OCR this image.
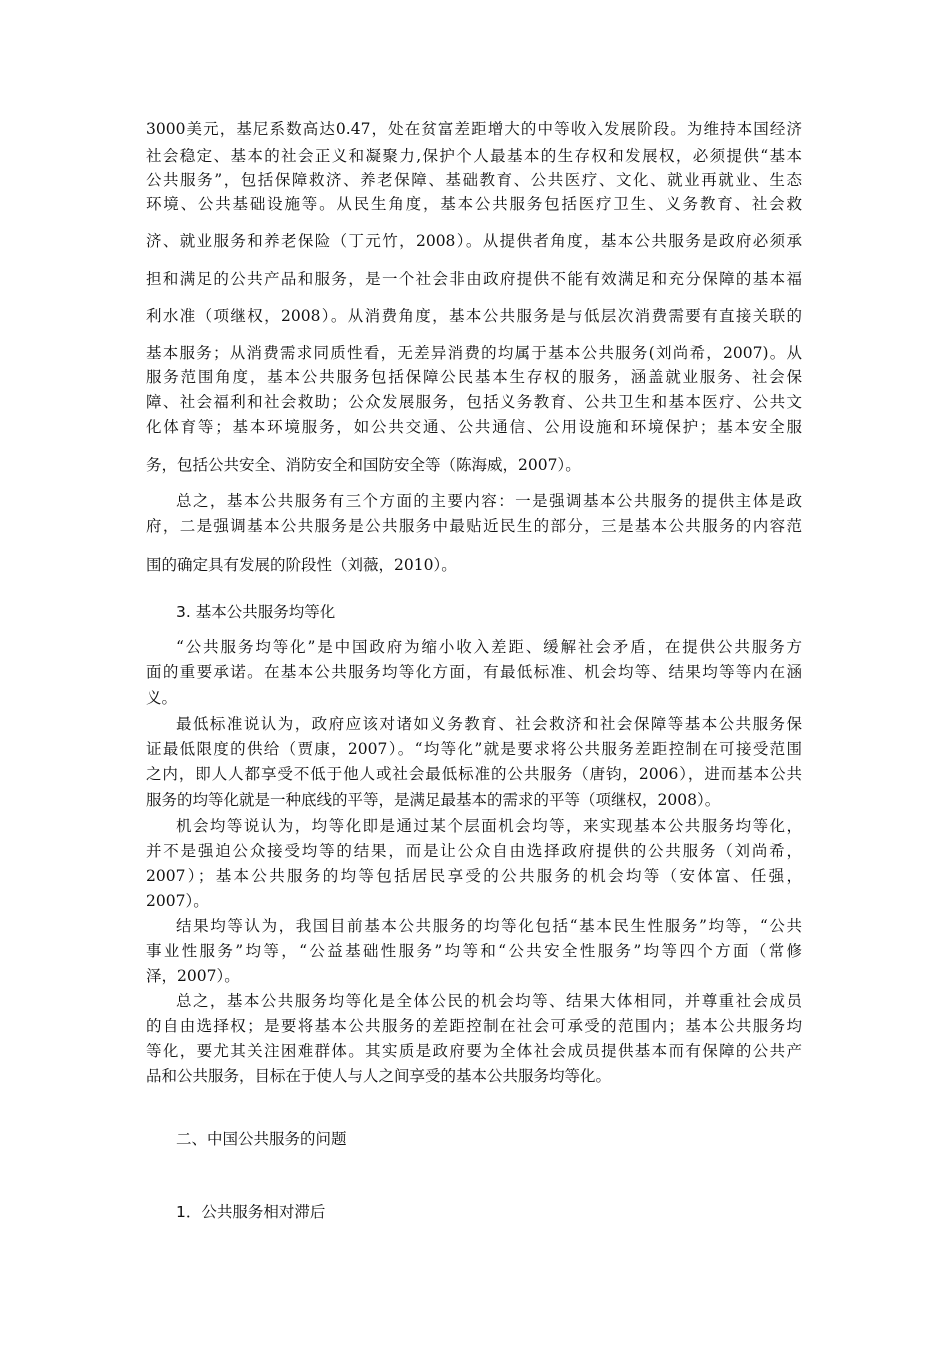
3000美元，基尼系数高达0.47，处在贫富差距增大的中等收入发展阶段。为维持本国经济
社会稳定、基本的社会正义和凝聚力,保护个人最基本的生存权和发展权，必须提供“基本
公共服务”，包括保障救济、养老保障、基础教育、公共医疗、文化、就业再就业、生态
环境、公共基础设施等。从民生角度，基本公共服务包括医疗卫生、义务教育、社会救
济、就业服务和养老保险（丁元竹，2008）。从提供者角度，基本公共服务是政府必须承
担和满足的公共产品和服务，是一个社会非由政府提供不能有效满足和充分保障的基本福
利水准（项继权，2008）。从消费角度，基本公共服务是与低层次消费需要有直接关联的
基本服务；从消费需求同质性看，无差异消费的均属于基本公共服务(刘尚希，2007)。从
服务范围角度，基本公共服务包括保障公民基本生存权的服务，涵盖就业服务、社会保
障、社会福利和社会救助；公众发展服务，包括义务教育、公共卫生和基本医疗、公共文
化体育等；基本环境服务，如公共交通、公共通信、公用设施和环境保护；基本安全服
务，包括公共安全、消防安全和国防安全等（陈海威，2007）。
总之，基本公共服务有三个方面的主要内容：一是强调基本公共服务的提供主体是政
府，二是强调基本公共服务是公共服务中最贴近民生的部分，三是基本公共服务的内容范
围的确定具有发展的阶段性（刘薇，2010）。
3. 基本公共服务均等化
“公共服务均等化”是中国政府为缩小收入差距、缓解社会矛盾，在提供公共服务方
面的重要承诺。在基本公共服务均等化方面，有最低标准、机会均等、结果均等等内在涵
义。
最低标准说认为，政府应该对诸如义务教育、社会救济和社会保障等基本公共服务保
证最低限度的供给（贾康，2007）。“均等化”就是要求将公共服务差距控制在可接受范围
之内，即人人都享受不低于他人或社会最低标准的公共服务（唐钧，2006），进而基本公共
服务的均等化就是一种底线的平等，是满足最基本的需求的平等（项继权，2008）。
机会均等说认为，均等化即是通过某个层面机会均等，来实现基本公共服务均等化，
并不是强迫公众接受均等的结果，而是让公众自由选择政府提供的公共服务（刘尚希，
2007）；基本公共服务的均等包括居民享受的公共服务的机会均等（安体富、任强，
2007）。
结果均等认为，我国目前基本公共服务的均等化包括“基本民生性服务”均等，“公共
事业性服务”均等，“公益基础性服务”均等和“公共安全性服务”均等四个方面（常修
泽，2007）。
总之，基本公共服务均等化是全体公民的机会均等、结果大体相同，并尊重社会成员
的自由选择权；是要将基本公共服务的差距控制在社会可承受的范围内；基本公共服务均
等化，要尤其关注困难群体。其实质是政府要为全体社会成员提供基本而有保障的公共产
品和公共服务，目标在于使人与人之间享受的基本公共服务均等化。
二、中国公共服务的问题
1．公共服务相对滞后
